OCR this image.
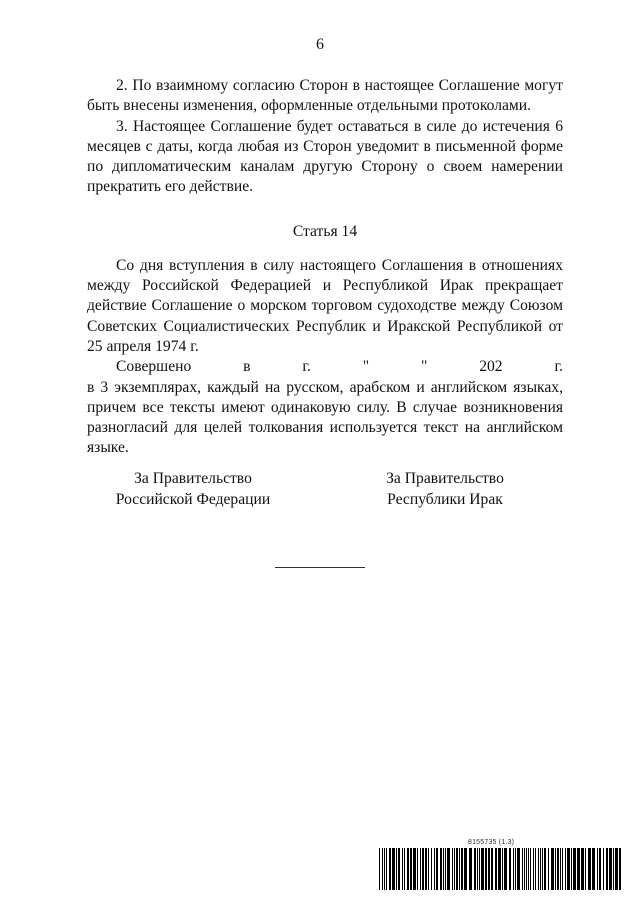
6

2. По взаимному согласию Сторон в настоящее Соглашение могут быть внесены изменения, оформленные отдельными протоколами.

3. Настоящее Соглашение будет оставаться в силе до истечения 6 месяцев с даты, когда любая из Сторон уведомит в письменной форме по дипломатическим каналам другую Сторону о своем намерении прекратить его действие.

Статья 14

Со дня вступления в силу настоящего Соглашения в отношениях между Российской Федерацией и Республикой Ирак прекращает действие Соглашение о морском торговом судоходстве между Союзом Советских Социалистических Республик и Иракской Республикой от 25 апреля 1974 г.

Совершено в г. " " 202 г.

в 3 экземплярах, каждый на русском, арабском и английском языках, причем все тексты имеют одинаковую силу. В случае возникновения разногласий для целей толкования используется текст на английском языке.

За Правительство
Российской Федерации
За Правительство
Республики Ирак
8155735 (1.3)
